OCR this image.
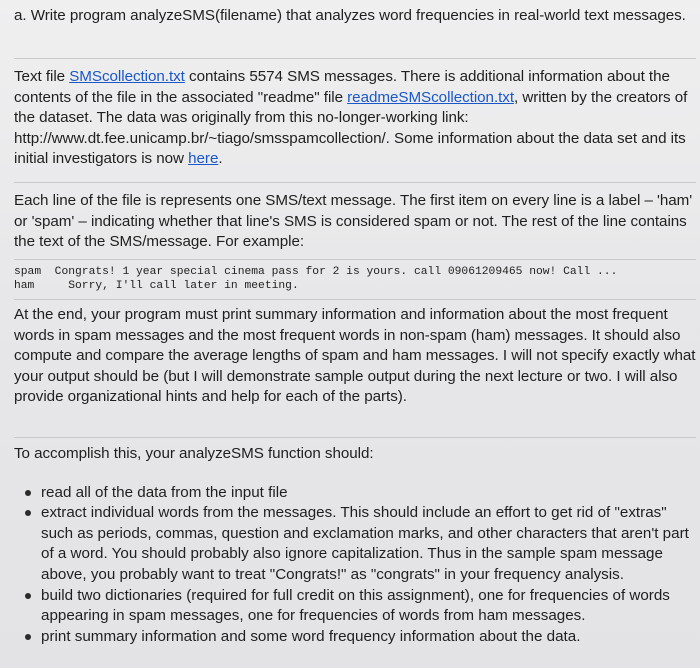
a. Write program analyzeSMS(filename) that analyzes word frequencies in real-world text messages.

Text file SMScollection.txt contains 5574 SMS messages. There is additional information about the contents of the file in the associated "readme" file readmeSMScollection.txt, written by the creators of the dataset. The data was originally from this no-longer-working link: http://www.dt.fee.unicamp.br/~tiago/smsspamcollection/. Some information about the data set and its initial investigators is now here.

Each line of the file is represents one SMS/text message. The first item on every line is a label – 'ham' or 'spam' – indicating whether that line's SMS is considered spam or not. The rest of the line contains the text of the SMS/message. For example:

spam  Congrats! 1 year special cinema pass for 2 is yours. call 09061209465 now! Call ...
ham     Sorry, I'll call later in meeting.

At the end, your program must print summary information and information about the most frequent words in spam messages and the most frequent words in non-spam (ham) messages. It should also compute and compare the average lengths of spam and ham messages. I will not specify exactly what your output should be (but I will demonstrate sample output during the next lecture or two. I will also provide organizational hints and help for each of the parts).

To accomplish this, your analyzeSMS function should:

read all of the data from the input file
extract individual words from the messages. This should include an effort to get rid of "extras" such as periods, commas, question and exclamation marks, and other characters that aren't part of a word. You should probably also ignore capitalization. Thus in the sample spam message above, you probably want to treat "Congrats!" as "congrats" in your frequency analysis.
build two dictionaries (required for full credit on this assignment), one for frequencies of words appearing in spam messages, one for frequencies of words from ham messages.
print summary information and some word frequency information about the data.
